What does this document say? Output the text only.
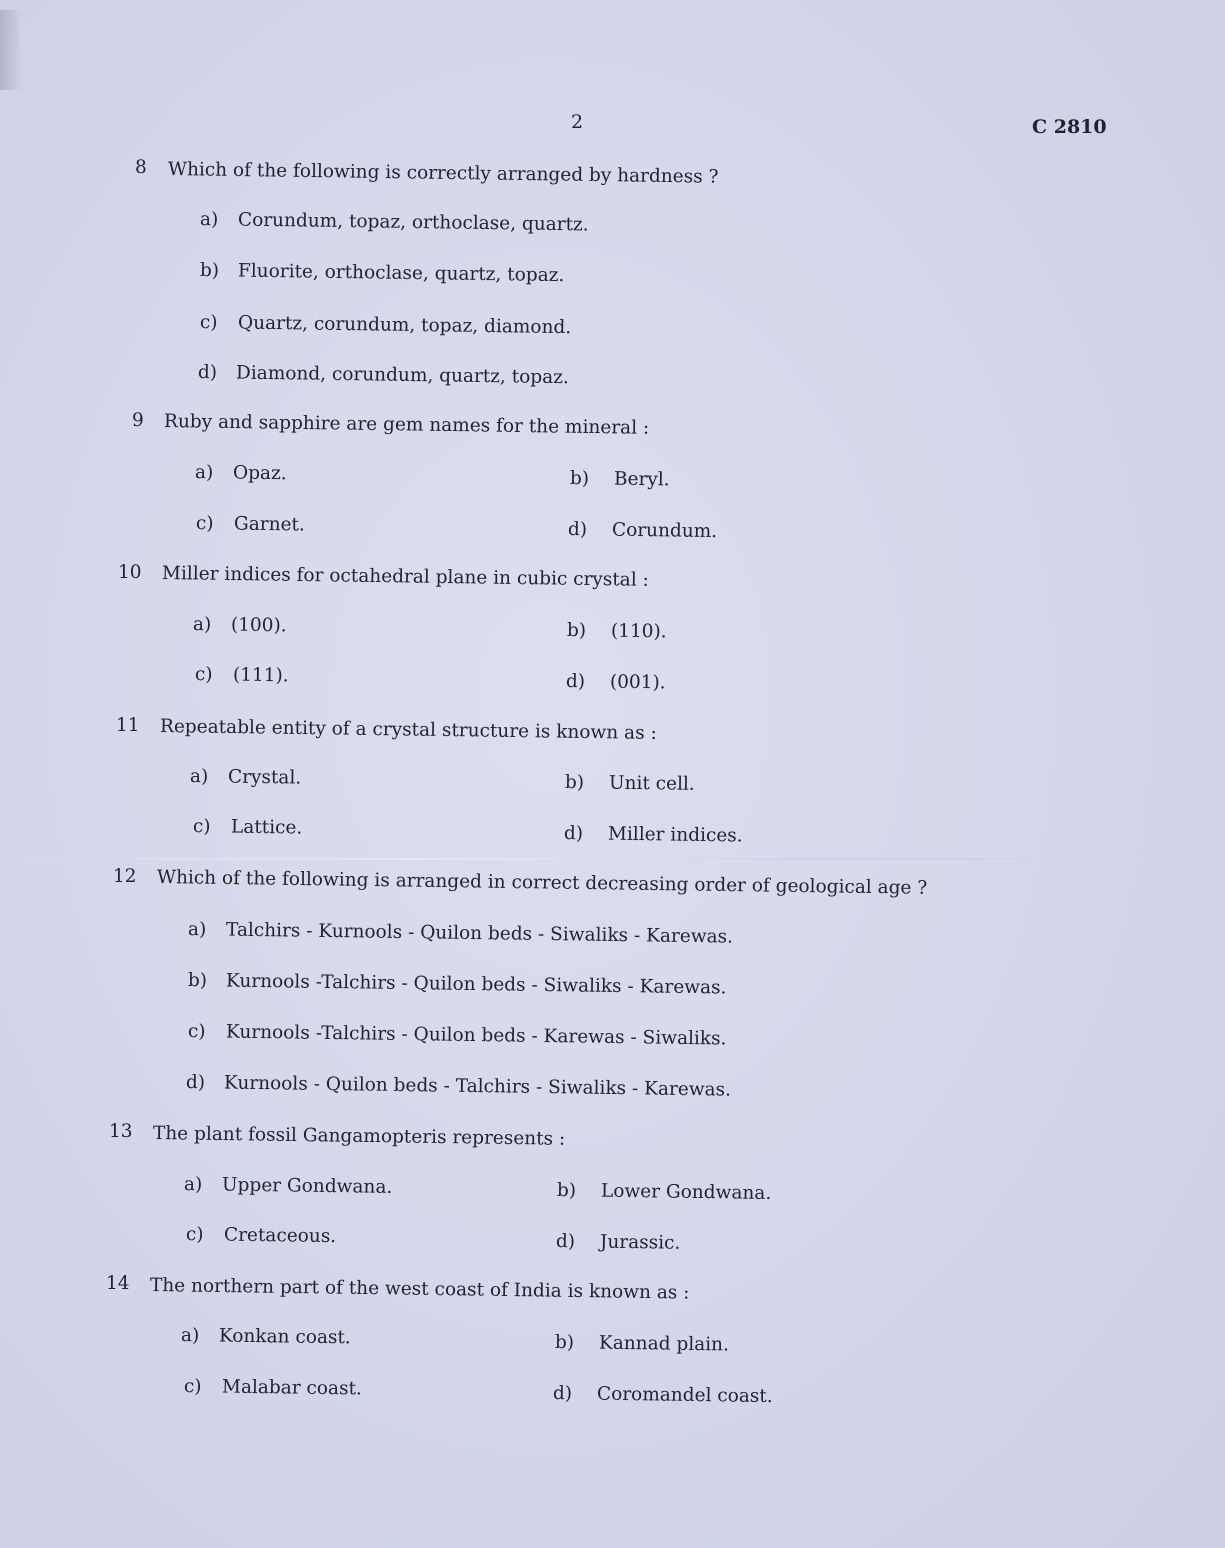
2	C 2810
8 Which of the following is correctly arranged by hardness ?
a) Corundum, topaz, orthoclase, quartz.
b) Fluorite, orthoclase, quartz, topaz.
c) Quartz, corundum, topaz, diamond.
d) Diamond, corundum, quartz, topaz.
9 Ruby and sapphire are gem names for the mineral :
a) Opaz.	b) Beryl.
c) Garnet.	d) Corundum.
10 Miller indices for octahedral plane in cubic crystal :
a) (100).	b) (110).
c) (111).	d) (001).
11 Repeatable entity of a crystal structure is known as :
a) Crystal.	b) Unit cell.
c) Lattice.	d) Miller indices.
12 Which of the following is arranged in correct decreasing order of geological age ?
a) Talchirs - Kurnools - Quilon beds - Siwaliks - Karewas.
b) Kurnools -Talchirs - Quilon beds - Siwaliks - Karewas.
c) Kurnools -Talchirs - Quilon beds - Karewas - Siwaliks.
d) Kurnools - Quilon beds - Talchirs - Siwaliks - Karewas.
13 The plant fossil Gangamopteris represents :
a) Upper Gondwana.	b) Lower Gondwana.
c) Cretaceous.	d) Jurassic.
14 The northern part of the west coast of India is known as :
a) Konkan coast.	b) Kannad plain.
c) Malabar coast.	d) Coromandel coast.
